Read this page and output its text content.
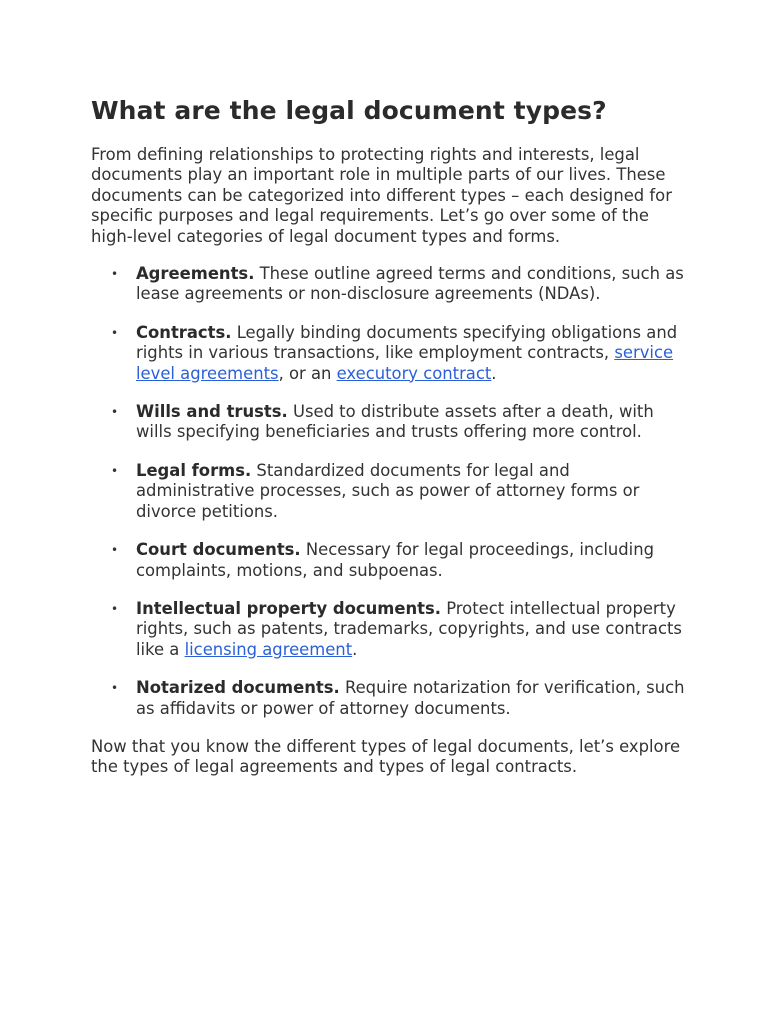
What are the legal document types?

From defining relationships to protecting rights and interests, legal documents play an important role in multiple parts of our lives. These documents can be categorized into different types – each designed for specific purposes and legal requirements. Let’s go over some of the high-level categories of legal document types and forms.

• Agreements. These outline agreed terms and conditions, such as lease agreements or non-disclosure agreements (NDAs).
• Contracts. Legally binding documents specifying obligations and rights in various transactions, like employment contracts, service level agreements, or an executory contract.
• Wills and trusts. Used to distribute assets after a death, with wills specifying beneficiaries and trusts offering more control.
• Legal forms. Standardized documents for legal and administrative processes, such as power of attorney forms or divorce petitions.
• Court documents. Necessary for legal proceedings, including complaints, motions, and subpoenas.
• Intellectual property documents. Protect intellectual property rights, such as patents, trademarks, copyrights, and use contracts like a licensing agreement.
• Notarized documents. Require notarization for verification, such as affidavits or power of attorney documents.

Now that you know the different types of legal documents, let’s explore the types of legal agreements and types of legal contracts.
